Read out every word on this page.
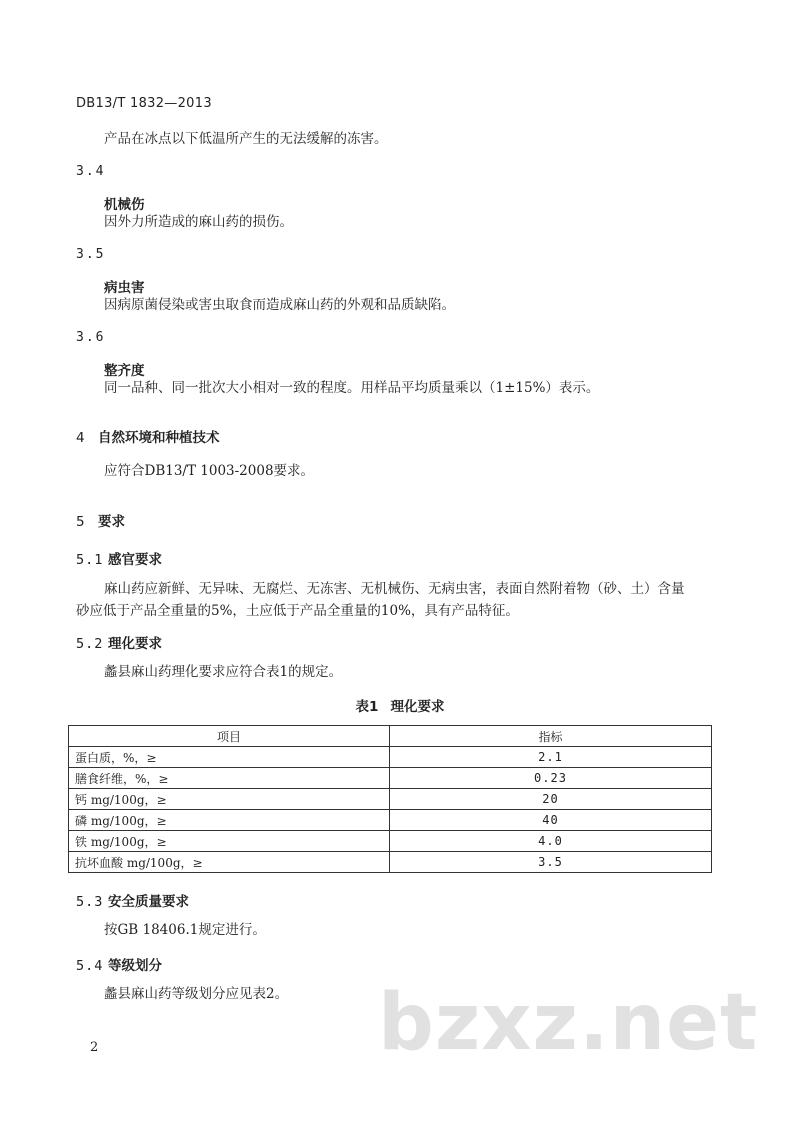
DB13/T 1832—2013
产品在冰点以下低温所产生的无法缓解的冻害。
3.4
机械伤
因外力所造成的麻山药的损伤。
3.5
病虫害
因病原菌侵染或害虫取食而造成麻山药的外观和品质缺陷。
3.6
整齐度
同一品种、同一批次大小相对一致的程度。用样品平均质量乘以（1±15%）表示。
4 自然环境和种植技术
应符合DB13/T 1003-2008要求。
5 要求
5.1 感官要求
麻山药应新鲜、无异味、无腐烂、无冻害、无机械伤、无病虫害，表面自然附着物（砂、土）含量
砂应低于产品全重量的5%，土应低于产品全重量的10%，具有产品特征。
5.2 理化要求
蠡县麻山药理化要求应符合表1的规定。
表1 理化要求
项目	指标
蛋白质，%，≥	2.1
膳食纤维，%，≥	0.23
钙 mg/100g，≥	20
磷 mg/100g，≥	40
铁 mg/100g，≥	4.0
抗坏血酸 mg/100g，≥	3.5
5.3 安全质量要求
按GB 18406.1规定进行。
5.4 等级划分
蠡县麻山药等级划分应见表2。 bzxz.net
2
